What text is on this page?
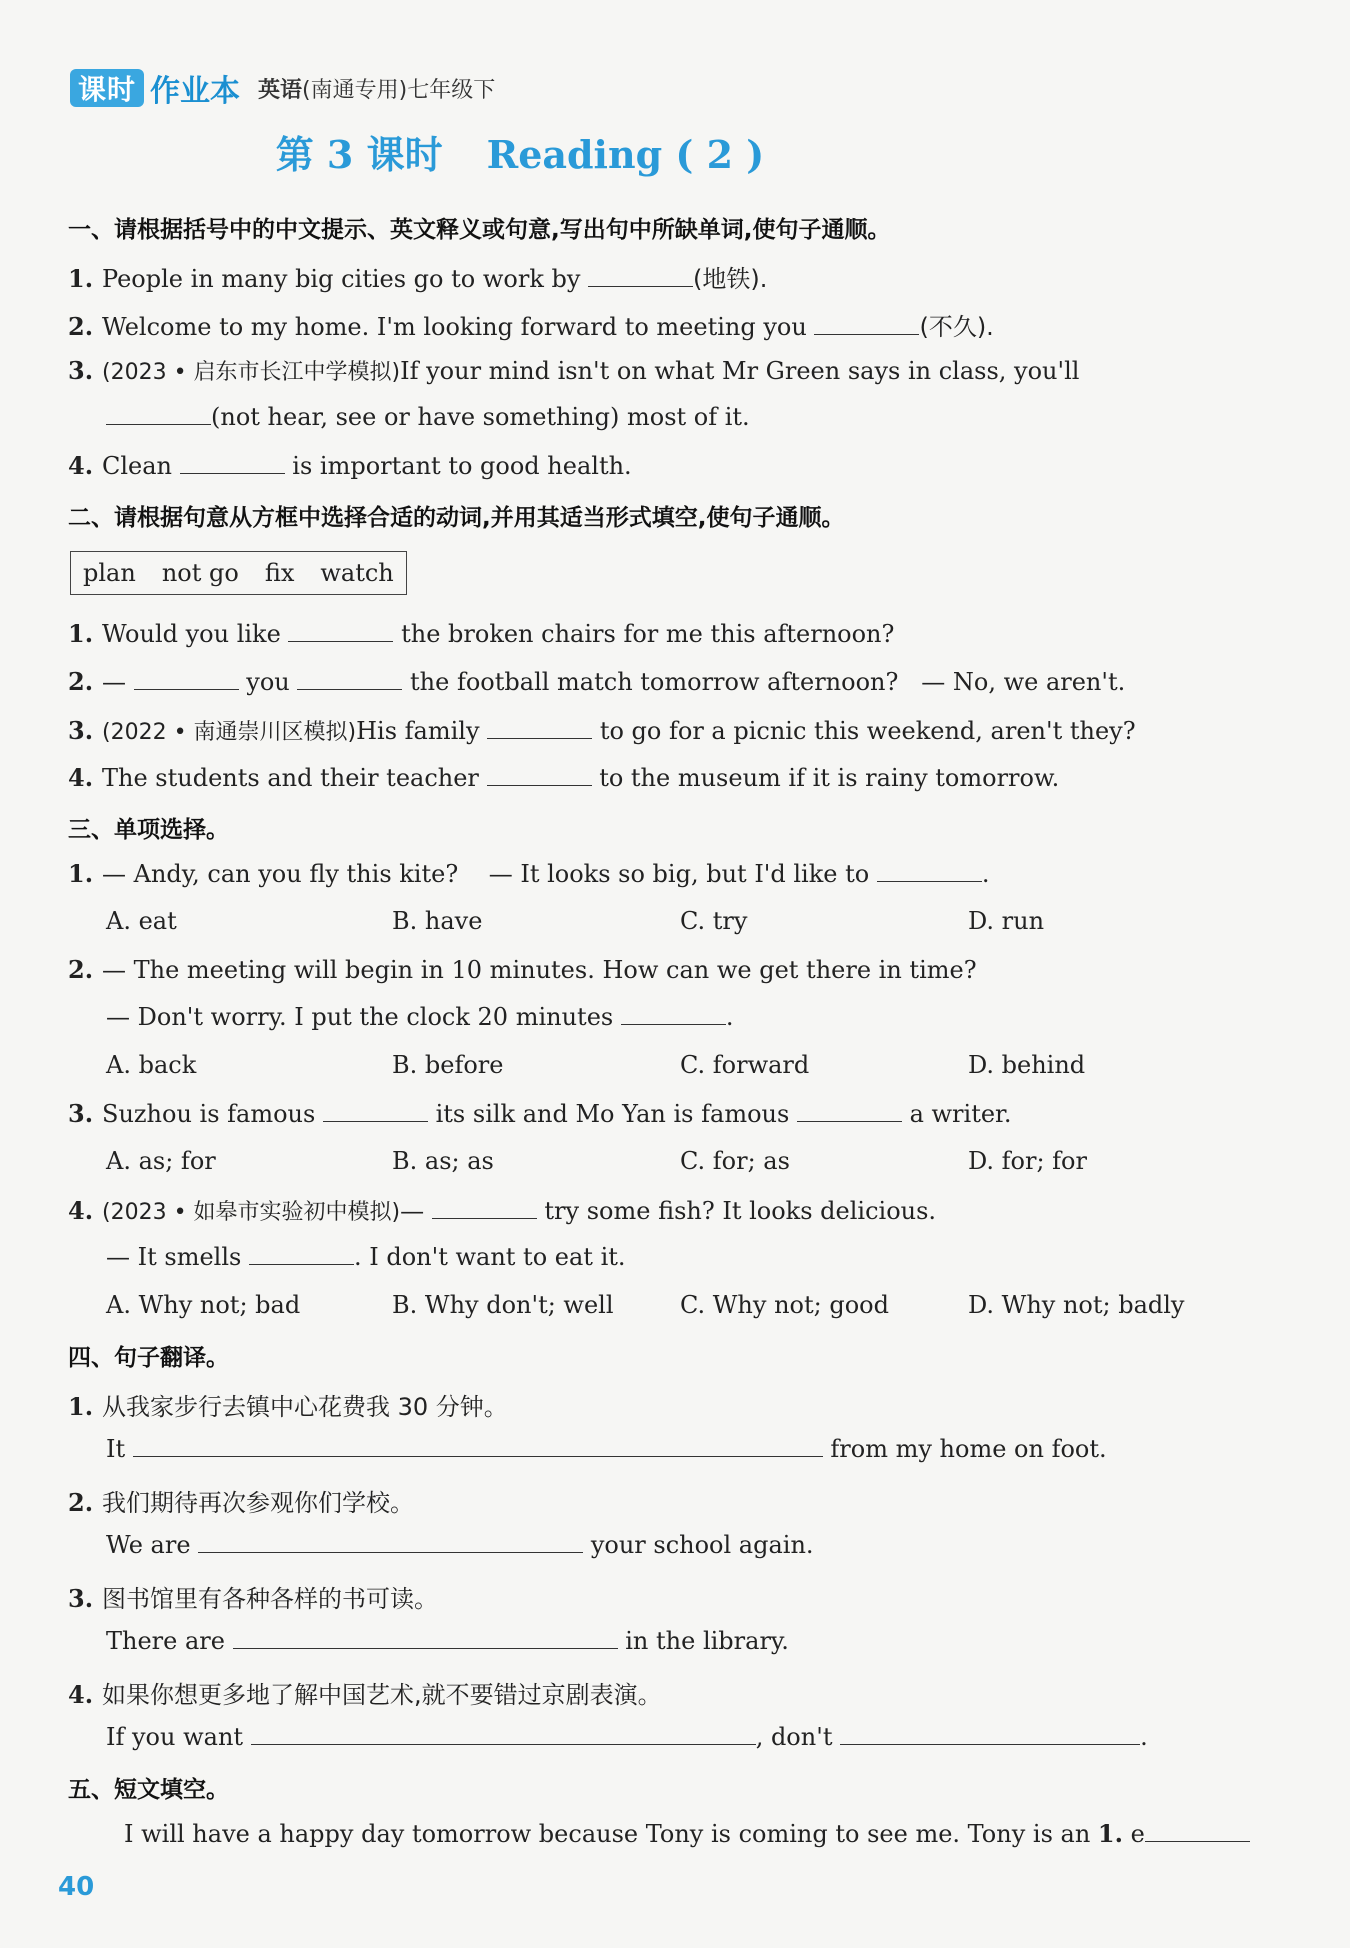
课时 作业本 英语(南通专用)七年级下
第 3 课时 Reading ( 2 )
一、请根据括号中的中文提示、英文释义或句意,写出句中所缺单词,使句子通顺。
1. People in many big cities go to work by	(地铁).
2. Welcome to my home. I'm looking forward to meeting you	(不久).
3. (2023 • 启东市长江中学模拟)If your mind isn't on what Mr Green says in class, you'll
(not hear, see or have something) most of it.
4. Clean	is important to good health.
二、请根据句意从方框中选择合适的动词,并用其适当形式填空,使句子通顺。
plan not go fix watch
1. Would you like	the broken chairs for me this afternoon?
2. —	you	the football match tomorrow afternoon? — No, we aren't.
3. (2022 • 南通崇川区模拟)His family	to go for a picnic this weekend, aren't they?
4. The students and their teacher	to the museum if it is rainy tomorrow.
三、单项选择。
1. — Andy, can you fly this kite? — It looks so big, but I'd like to	.
A. eat	B. have	C. try	D. run
2. — The meeting will begin in 10 minutes. How can we get there in time?
— Don't worry. I put the clock 20 minutes	.
A. back	B. before	C. forward	D. behind
3. Suzhou is famous	its silk and Mo Yan is famous	a writer.
A. as; for	B. as; as	C. for; as	D. for; for
4. (2023 • 如皋市实验初中模拟)—	try some fish? It looks delicious.
— It smells	. I don't want to eat it.
A. Why not; bad	B. Why don't; well	C. Why not; good	D. Why not; badly
四、句子翻译。
1. 从我家步行去镇中心花费我 30 分钟。
It	from my home on foot.
2. 我们期待再次参观你们学校。
We are	your school again.
3. 图书馆里有各种各样的书可读。
There are	in the library.
4. 如果你想更多地了解中国艺术,就不要错过京剧表演。
If you want	, don't	.
五、短文填空。
I will have a happy day tomorrow because Tony is coming to see me. Tony is an 1. e
40
